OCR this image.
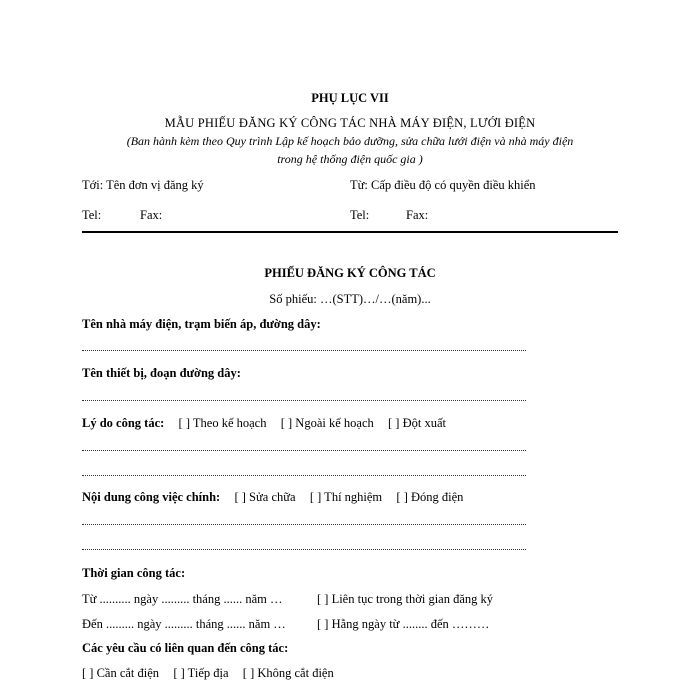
PHỤ LỤC VII
MẪU PHIẾU ĐĂNG KÝ CÔNG TÁC NHÀ MÁY ĐIỆN, LƯỚI ĐIỆN
(Ban hành kèm theo Quy trình Lập kế hoạch bảo dưỡng, sửa chữa lưới điện và nhà máy điện
trong hệ thống điện quốc gia )
Tới: Tên đơn vị đăng ký	Từ: Cấp điều độ có quyền điều khiển
Tel:	Fax:	Tel:	Fax:
PHIẾU ĐĂNG KÝ CÔNG TÁC
Số phiếu: …(STT)…/…(năm)...
Tên nhà máy điện, trạm biến áp, đường dây:
Tên thiết bị, đoạn đường dây:
Lý do công tác: [ ] Theo kế hoạch [ ] Ngoài kế hoạch [ ] Đột xuất
Nội dung công việc chính: [ ] Sửa chữa [ ] Thí nghiệm [ ] Đóng điện
Thời gian công tác:
Từ .......... ngày ......... tháng ...... năm …	[ ] Liên tục trong thời gian đăng ký
Đến ......... ngày ......... tháng ...... năm … [ ] Hằng ngày từ ........ đến ………
Các yêu cầu có liên quan đến công tác:
[ ] Cần cắt điện [ ] Tiếp địa [ ] Không cắt điện
